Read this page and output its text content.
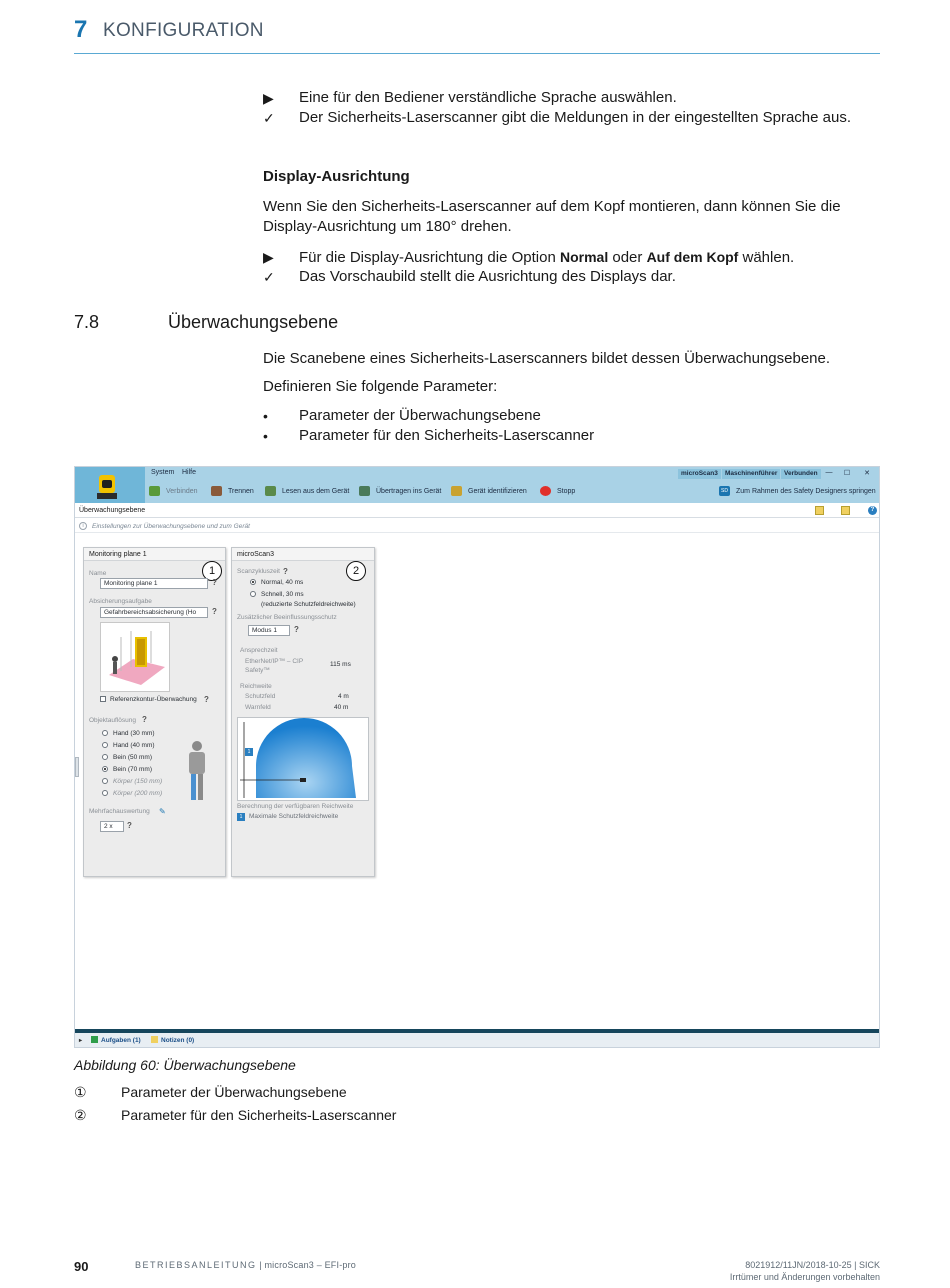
7 KONFIGURATION
▶	Eine für den Bediener verständliche Sprache auswählen.
✓	Der Sicherheits-Laserscanner gibt die Meldungen in der eingestellten Sprache aus.
Display-Ausrichtung
Wenn Sie den Sicherheits-Laserscanner auf dem Kopf montieren, dann können Sie die Display-Ausrichtung um 180° drehen.
▶	Für die Display-Ausrichtung die Option Normal oder Auf dem Kopf wählen.
✓	Das Vorschaubild stellt die Ausrichtung des Displays dar.
7.8	Überwachungsebene
Die Scanebene eines Sicherheits-Laserscanners bildet dessen Überwachungsebene.
Definieren Sie folgende Parameter:
•	Parameter der Überwachungsebene
•	Parameter für den Sicherheits-Laserscanner
System Hilfe	microScan3	Maschinenführer	Verbunden	—	☐	✕
Verbinden	Trennen	Lesen aus dem Gerät	Übertragen ins Gerät	Gerät identifizieren	Stopp	SD Zum Rahmen des Safety Designers springen
Überwachungsebene	?
i	Einstellungen zur Überwachungsebene und zum Gerät
Monitoring plane 1
1
Name
Monitoring plane 1	?
Absicherungsaufgabe
Gefahrbereichsabsicherung (Ho	?
Referenzkontur-Überwachung ?
Objektauflösung ?
Hand (30 mm)
Hand (40 mm)
Bein (50 mm)
Bein (70 mm)
Körper (150 mm)
Körper (200 mm)
Mehrfachauswertung ✎
2 x	?
microScan3
2
Scanzykluszeit ?
Normal, 40 ms
Schnell, 30 ms
(reduzierte Schutzfeldreichweite)
Zusätzlicher Beeinflussungsschutz
Modus 1	?
Ansprechzeit
EtherNet/IP™ – CIP Safety™
115 ms
Reichweite
Schutzfeld	4 m
Warnfeld	40 m
1
Berechnung der verfügbaren Reichweite
1 Maximale Schutzfeldreichweite
▸	Aufgaben (1)	Notizen (0)
Abbildung 60: Überwachungsebene
①	Parameter der Überwachungsebene
②	Parameter für den Sicherheits-Laserscanner
90	BETRIEBSANLEITUNG | microScan3 – EFI-pro	8021912/11JN/2018-10-25 | SICK
Irrtümer und Änderungen vorbehalten
